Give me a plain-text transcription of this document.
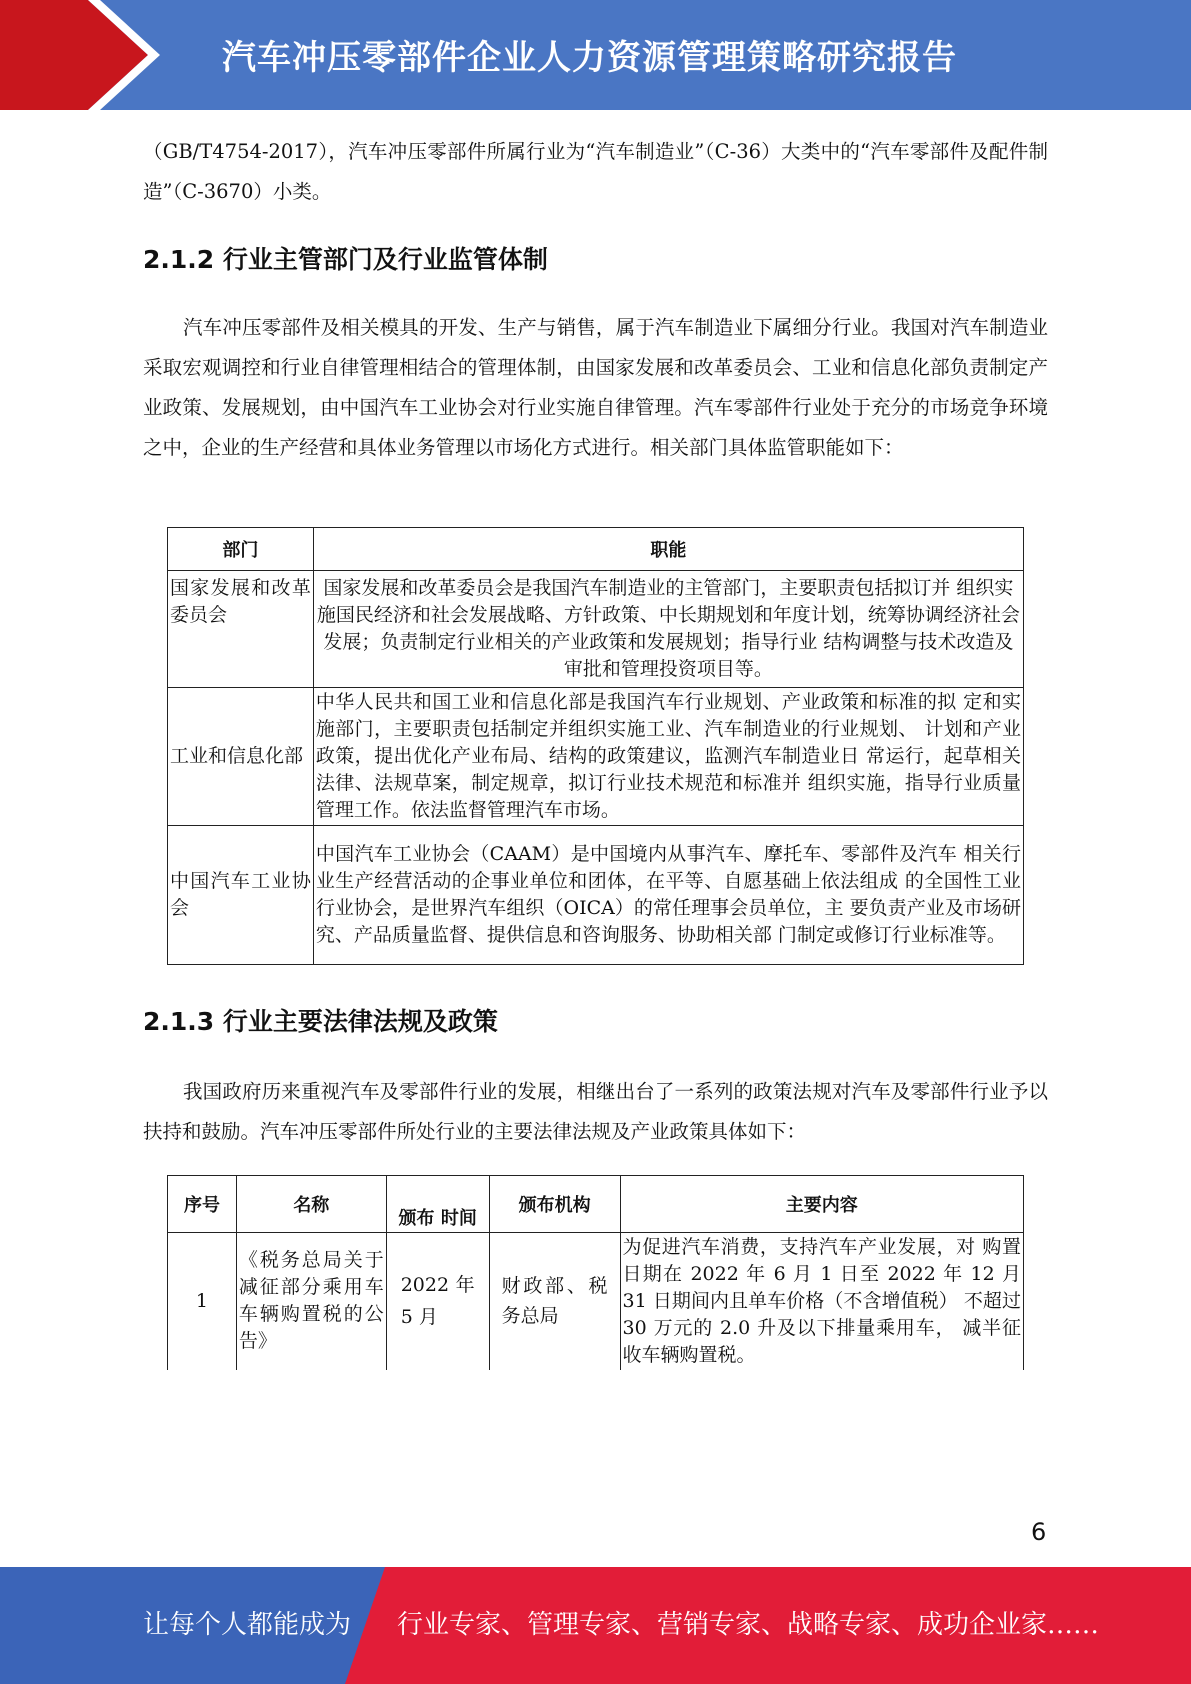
汽车冲压零部件企业人力资源管理策略研究报告

（GB/T4754-2017），汽车冲压零部件所属行业为“汽车制造业”（C-36）大类中的“汽车零部件及配件制造”（C-3670）小类。

2.1.2 行业主管部门及行业监管体制

汽车冲压零部件及相关模具的开发、生产与销售，属于汽车制造业下属细分行业。我国对汽车制造业采取宏观调控和行业自律管理相结合的管理体制，由国家发展和改革委员会、工业和信息化部负责制定产业政策、发展规划，由中国汽车工业协会对行业实施自律管理。汽车零部件行业处于充分的市场竞争环境之中，企业的生产经营和具体业务管理以市场化方式进行。相关部门具体监管职能如下：

部门	职能
国家发展和改革委员会	国家发展和改革委员会是我国汽车制造业的主管部门，主要职责包括拟订并 组织实施国民经济和社会发展战略、方针政策、中长期规划和年度计划，统筹协调经济社会发展；负责制定行业相关的产业政策和发展规划；指导行业 结构调整与技术改造及审批和管理投资项目等。
工业和信息化部	中华人民共和国工业和信息化部是我国汽车行业规划、产业政策和标准的拟 定和实施部门，主要职责包括制定并组织实施工业、汽车制造业的行业规划、 计划和产业政策，提出优化产业布局、结构的政策建议，监测汽车制造业日 常运行，起草相关法律、法规草案，制定规章，拟订行业技术规范和标准并 组织实施，指导行业质量管理工作。依法监督管理汽车市场。
中国汽车工业协会	中国汽车工业协会（CAAM）是中国境内从事汽车、摩托车、零部件及汽车 相关行业生产经营活动的企事业单位和团体，在平等、自愿基础上依法组成 的全国性工业行业协会，是世界汽车组织（OICA）的常任理事会员单位，主 要负责产业及市场研究、产品质量监督、提供信息和咨询服务、协助相关部 门制定或修订行业标准等。
2.1.3 行业主要法律法规及政策

我国政府历来重视汽车及零部件行业的发展，相继出台了一系列的政策法规对汽车及零部件行业予以扶持和鼓励。汽车冲压零部件所处行业的主要法律法规及产业政策具体如下：

序号	名称	颁布 时间	颁布机构	主要内容
1	《税务总局关于减征部分乘用车车辆购置税的公告》	2022 年 5 月	财政部、税务总局	为促进汽车消费，支持汽车产业发展，对 购置日期在 2022 年 6 月 1 日至 2022 年 12 月 31 日期间内且单车价格（不含增值税） 不超过 30 万元的 2.0 升及以下排量乘用车， 减半征收车辆购置税。
6
让每个人都能成为 行业专家、管理专家、营销专家、战略专家、成功企业家……
